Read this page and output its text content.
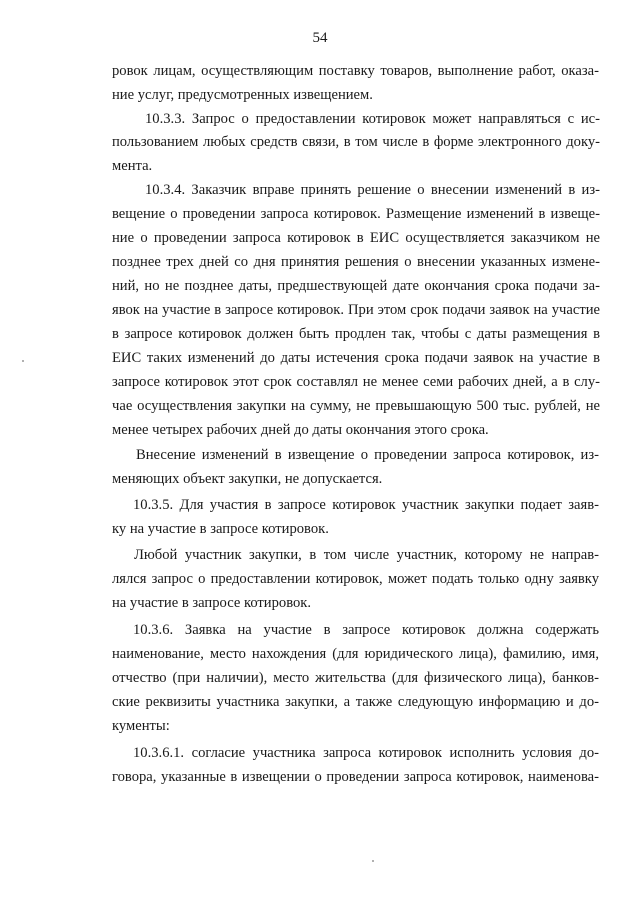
54
ровок лицам, осуществляющим поставку товаров, выполнение работ, оказа-
ние услуг, предусмотренных извещением.
10.3.3. Запрос о предоставлении котировок может направляться с ис-
пользованием любых средств связи, в том числе в форме электронного доку-
мента.
10.3.4. Заказчик вправе принять решение о внесении изменений в из-
вещение о проведении запроса котировок. Размещение изменений в извеще-
ние о проведении запроса котировок в ЕИС осуществляется заказчиком не
позднее трех дней со дня принятия решения о внесении указанных измене-
ний, но не позднее даты, предшествующей дате окончания срока подачи за-
явок на участие в запросе котировок. При этом срок подачи заявок на участие
в запросе котировок должен быть продлен так, чтобы с даты размещения в
ЕИС таких изменений до даты истечения срока подачи заявок на участие в
запросе котировок этот срок составлял не менее семи рабочих дней, а в слу-
чае осуществления закупки на сумму, не превышающую 500 тыс. рублей, не
менее четырех рабочих дней до даты окончания этого срока.
Внесение изменений в извещение о проведении запроса котировок, из-
меняющих объект закупки, не допускается.
10.3.5. Для участия в запросе котировок участник закупки подает заяв-
ку на участие в запросе котировок.
Любой участник закупки, в том числе участник, которому не направ-
лялся запрос о предоставлении котировок, может подать только одну заявку
на участие в запросе котировок.
10.3.6. Заявка на участие в запросе котировок должна содержать
наименование, место нахождения (для юридического лица), фамилию, имя,
отчество (при наличии), место жительства (для физического лица), банков-
ские реквизиты участника закупки, а также следующую информацию и до-
кументы:
10.3.6.1. согласие участника запроса котировок исполнить условия до-
говора, указанные в извещении о проведении запроса котировок, наименова-
